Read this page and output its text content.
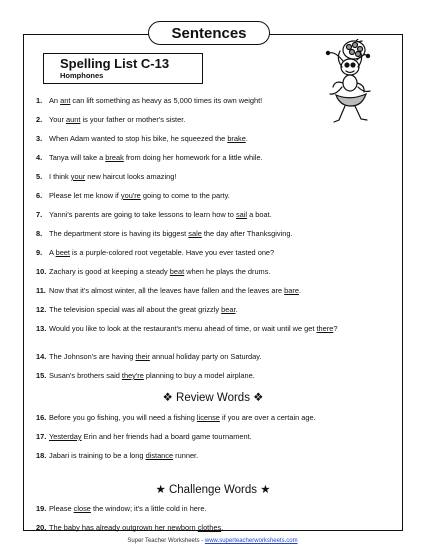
Sentences
Spelling List C-13
Homphones
1. An ant can lift something as heavy as 5,000 times its own weight!
2. Your aunt is your father or mother's sister.
3. When Adam wanted to stop his bike, he squeezed the brake.
4. Tanya will take a break from doing her homework for a little while.
5. I think your new haircut looks amazing!
6. Please let me know if you're going to come to the party.
7. Yanni's parents are going to take lessons to learn how to sail a boat.
8. The department store is having its biggest sale the day after Thanksgiving.
9. A beet is a purple-colored root vegetable. Have you ever tasted one?
10. Zachary is good at keeping a steady beat when he plays the drums.
11. Now that it's almost winter, all the leaves have fallen and the leaves are bare.
12. The television special was all about the great grizzly bear.
13. Would you like to look at the restaurant's menu ahead of time, or wait until we get there?
14. The Johnson's are having their annual holiday party on Saturday.
15. Susan's brothers said they're planning to buy a model airplane.
16. Before you go fishing, you will need a fishing license if you are over a certain age.
17. Yesterday Erin and her friends had a board game tournament.
18. Jabari is training to be a long distance runner.
19. Please close the window; it's a little cold in here.
20. The baby has already outgrown her newborn clothes.
❖ Review Words ❖
★ Challenge Words ★
Super Teacher Worksheets - www.superteacherworksheets.com
